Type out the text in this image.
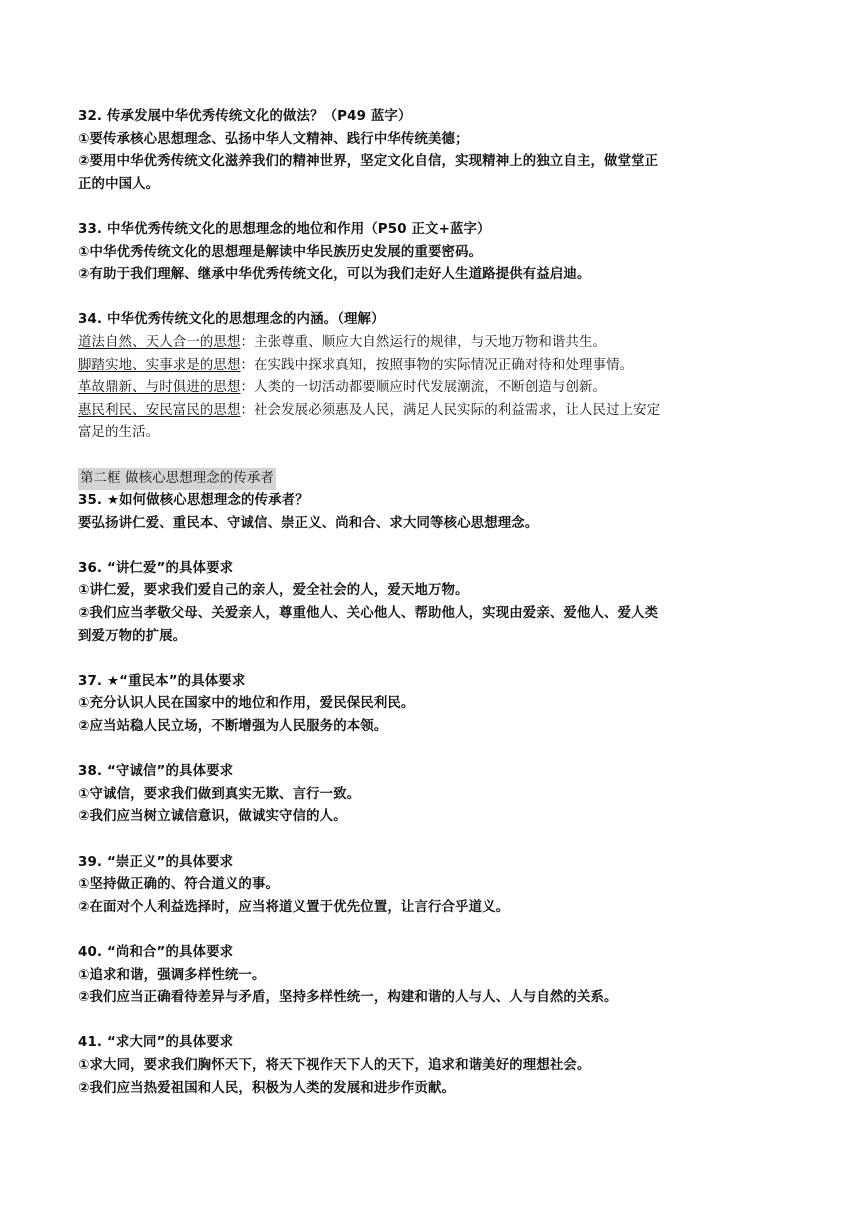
32. 传承发展中华优秀传统文化的做法？（P49 蓝字）
①要传承核心思想理念、弘扬中华人文精神、践行中华传统美德；
②要用中华优秀传统文化滋养我们的精神世界，坚定文化自信，实现精神上的独立自主，做堂堂正
正的中国人。
33. 中华优秀传统文化的思想理念的地位和作用（P50 正文+蓝字）
①中华优秀传统文化的思想理是解读中华民族历史发展的重要密码。
②有助于我们理解、继承中华优秀传统文化，可以为我们走好人生道路提供有益启迪。
34. 中华优秀传统文化的思想理念的内涵。（理解）
道法自然、天人合一的思想：主张尊重、顺应大自然运行的规律，与天地万物和谐共生。
脚踏实地、实事求是的思想：在实践中探求真知，按照事物的实际情况正确对待和处理事情。
革故鼎新、与时俱进的思想：人类的一切活动都要顺应时代发展潮流，不断创造与创新。
惠民利民、安民富民的思想：社会发展必须惠及人民，满足人民实际的利益需求，让人民过上安定
富足的生活。
第二框 做核心思想理念的传承者
35. ★如何做核心思想理念的传承者？
要弘扬讲仁爱、重民本、守诚信、崇正义、尚和合、求大同等核心思想理念。
36. “讲仁爱”的具体要求
①讲仁爱，要求我们爱自己的亲人，爱全社会的人，爱天地万物。
②我们应当孝敬父母、关爱亲人，尊重他人、关心他人、帮助他人，实现由爱亲、爱他人、爱人类
到爱万物的扩展。
37. ★“重民本”的具体要求
①充分认识人民在国家中的地位和作用，爱民保民利民。
②应当站稳人民立场，不断增强为人民服务的本领。
38. “守诚信”的具体要求
①守诚信，要求我们做到真实无欺、言行一致。
②我们应当树立诚信意识，做诚实守信的人。
39. “崇正义”的具体要求
①坚持做正确的、符合道义的事。
②在面对个人利益选择时，应当将道义置于优先位置，让言行合乎道义。
40. “尚和合”的具体要求
①追求和谐，强调多样性统一。
②我们应当正确看待差异与矛盾，坚持多样性统一，构建和谐的人与人、人与自然的关系。
41. “求大同”的具体要求
①求大同，要求我们胸怀天下，将天下视作天下人的天下，追求和谐美好的理想社会。
②我们应当热爱祖国和人民，积极为人类的发展和进步作贡献。
